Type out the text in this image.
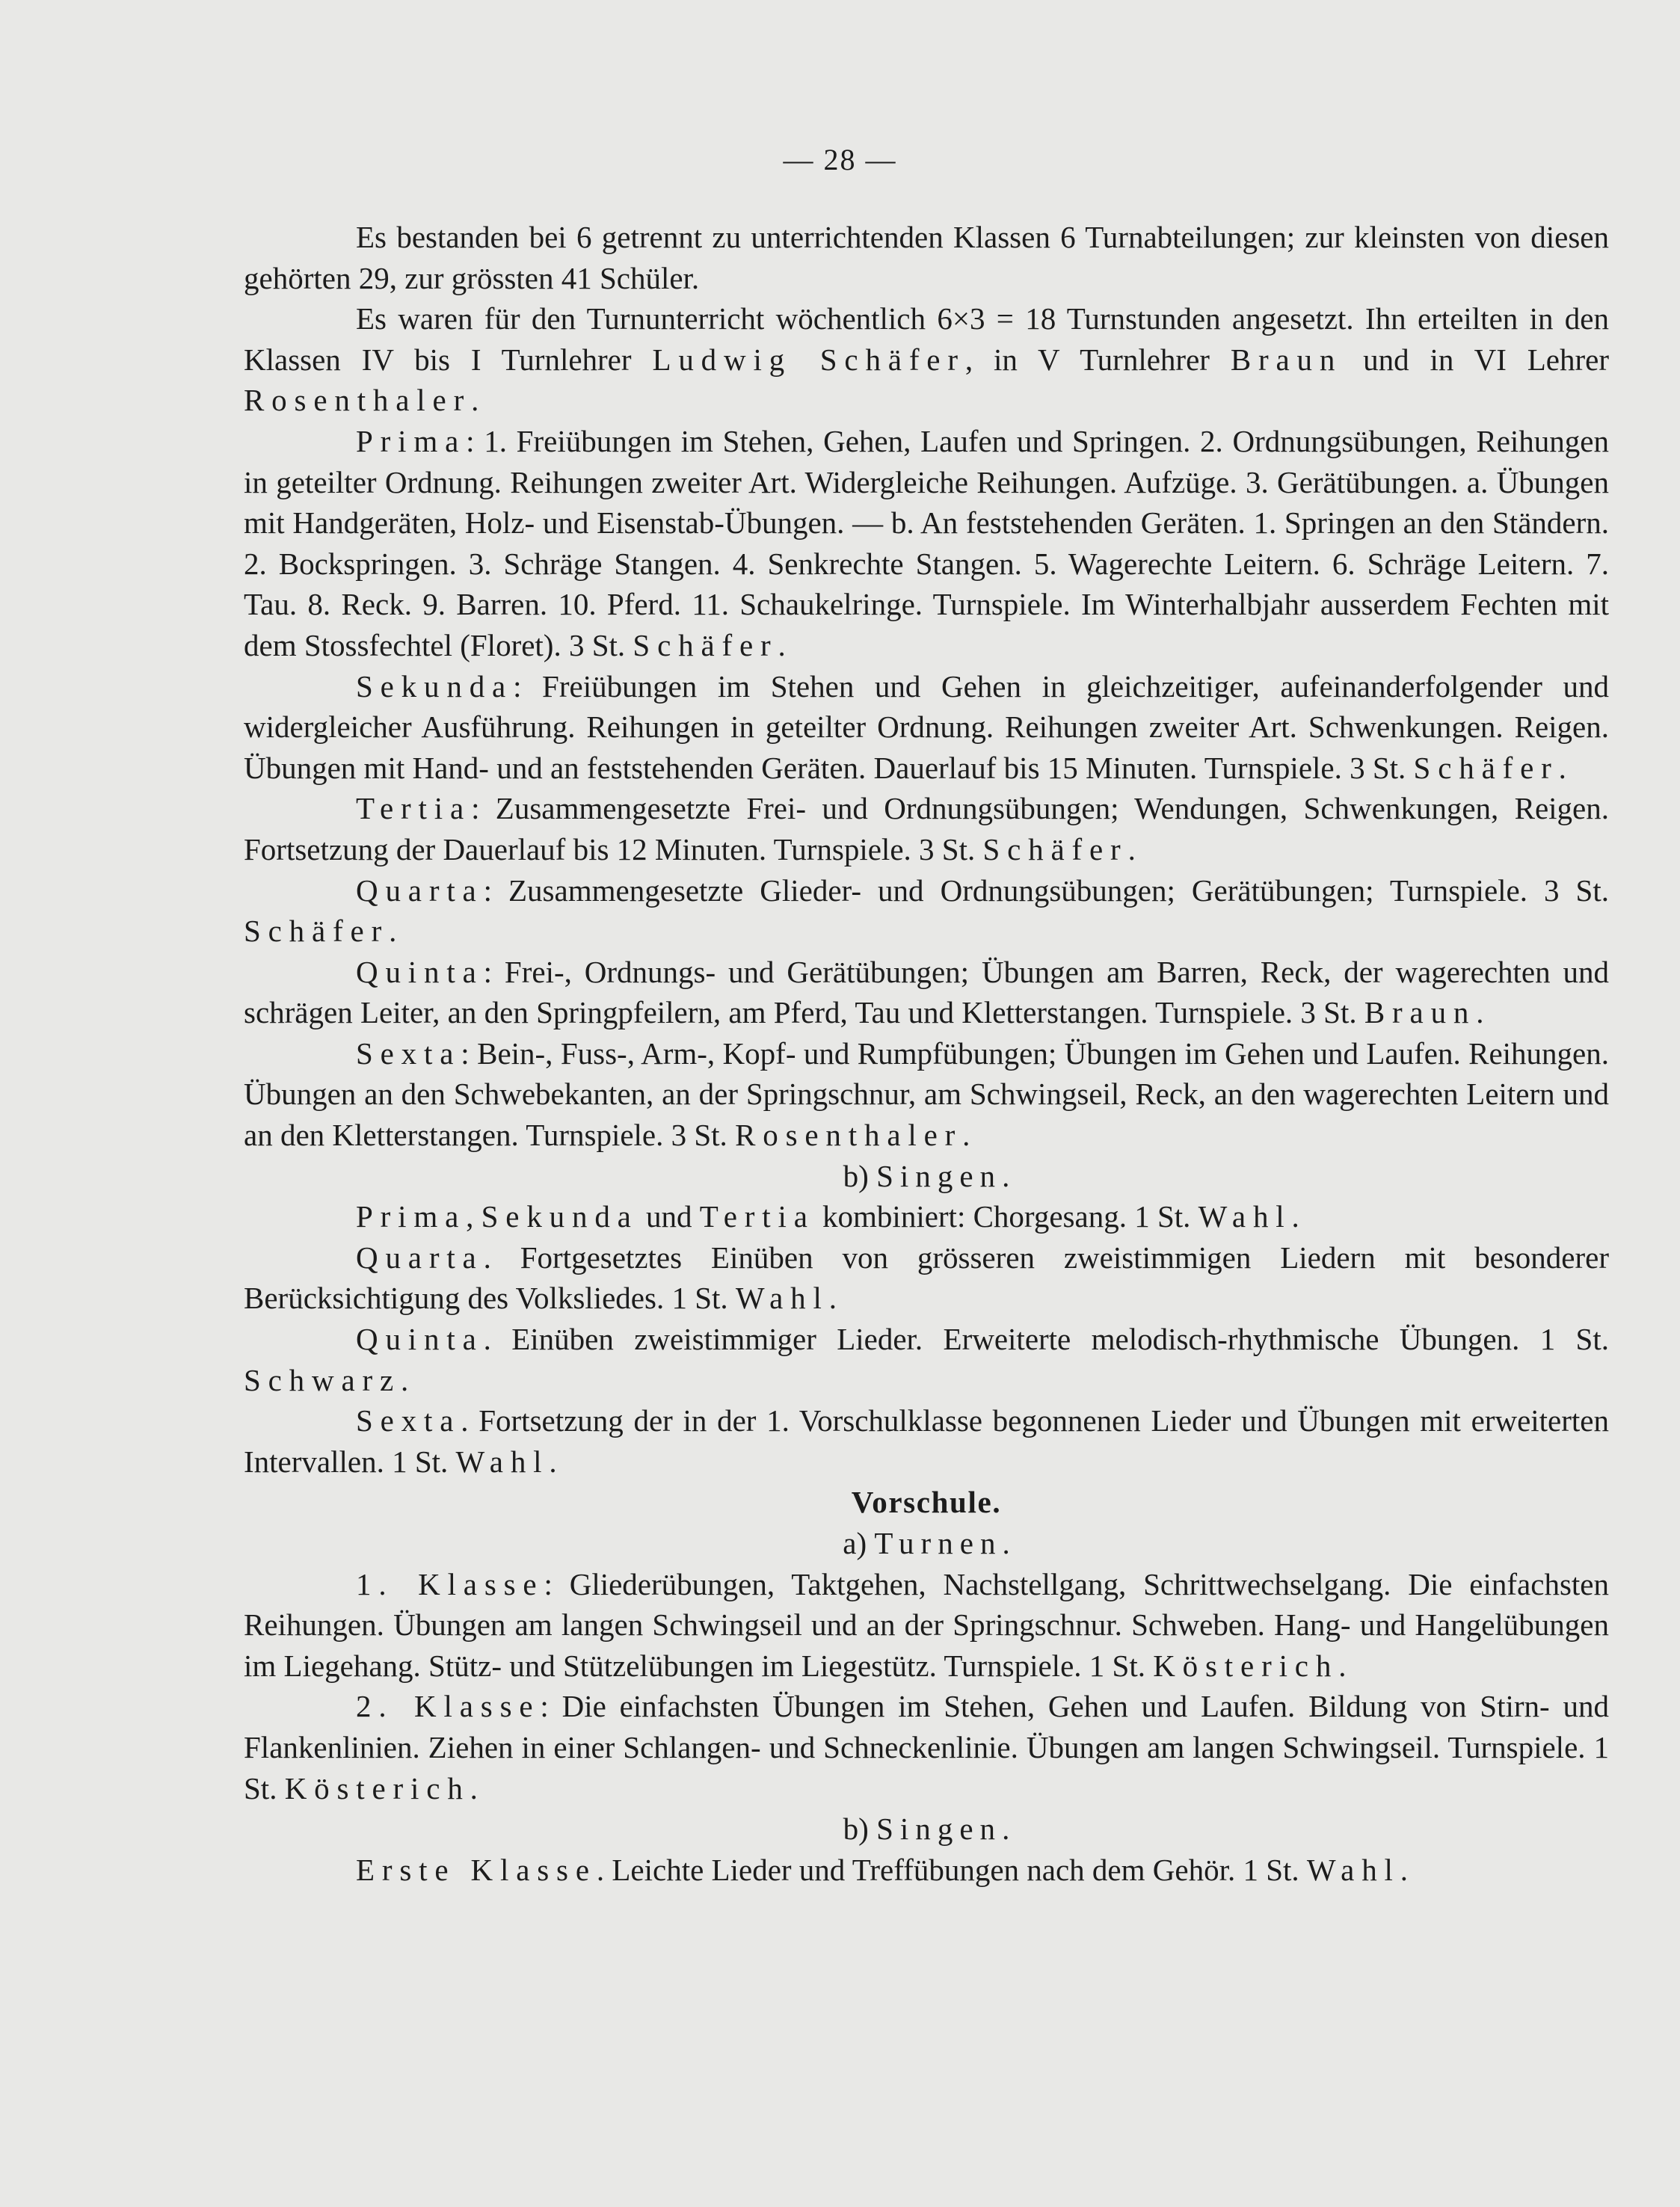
— 28 —

Es bestanden bei 6 getrennt zu unterrichtenden Klassen 6 Turnabteilungen; zur kleinsten von diesen gehörten 29, zur grössten 41 Schüler.

Es waren für den Turnunterricht wöchentlich 6×3 = 18 Turnstunden angesetzt. Ihn erteilten in den Klassen IV bis I Turnlehrer Ludwig Schäfer, in V Turnlehrer Braun und in VI Lehrer Rosenthaler.

Prima: 1. Freiübungen im Stehen, Gehen, Laufen und Springen. 2. Ordnungsübungen, Reihungen in geteilter Ordnung. Reihungen zweiter Art. Widergleiche Reihungen. Aufzüge. 3. Gerätübungen. a. Übungen mit Handgeräten, Holz- und Eisenstab-Übungen. — b. An feststehenden Geräten. 1. Springen an den Ständern. 2. Bockspringen. 3. Schräge Stangen. 4. Senkrechte Stangen. 5. Wagerechte Leitern. 6. Schräge Leitern. 7. Tau. 8. Reck. 9. Barren. 10. Pferd. 11. Schaukelringe. Turnspiele. Im Winterhalbjahr ausserdem Fechten mit dem Stossfechtel (Floret). 3 St. Schäfer.

Sekunda: Freiübungen im Stehen und Gehen in gleichzeitiger, aufeinanderfolgender und widergleicher Ausführung. Reihungen in geteilter Ordnung. Reihungen zweiter Art. Schwenkungen. Reigen. Übungen mit Hand- und an feststehenden Geräten. Dauerlauf bis 15 Minuten. Turnspiele. 3 St. Schäfer.

Tertia: Zusammengesetzte Frei- und Ordnungsübungen; Wendungen, Schwenkungen, Reigen. Fortsetzung der Dauerlauf bis 12 Minuten. Turnspiele. 3 St. Schäfer.

Quarta: Zusammengesetzte Glieder- und Ordnungsübungen; Gerätübungen; Turnspiele. 3 St. Schäfer.

Quinta: Frei-, Ordnungs- und Gerätübungen; Übungen am Barren, Reck, der wagerechten und schrägen Leiter, an den Springpfeilern, am Pferd, Tau und Kletterstangen. Turnspiele. 3 St. Braun.

Sexta: Bein-, Fuss-, Arm-, Kopf- und Rumpfübungen; Übungen im Gehen und Laufen. Reihungen. Übungen an den Schwebekanten, an der Springschnur, am Schwingseil, Reck, an den wagerechten Leitern und an den Kletterstangen. Turnspiele. 3 St. Rosenthaler.

b) Singen.

Prima, Sekunda und Tertia kombiniert: Chorgesang. 1 St. Wahl.

Quarta. Fortgesetztes Einüben von grösseren zweistimmigen Liedern mit besonderer Berücksichtigung des Volksliedes. 1 St. Wahl.

Quinta. Einüben zweistimmiger Lieder. Erweiterte melodisch-rhythmische Übungen. 1 St. Schwarz.

Sexta. Fortsetzung der in der 1. Vorschulklasse begonnenen Lieder und Übungen mit erweiterten Intervallen. 1 St. Wahl.

Vorschule.

a) Turnen.

1. Klasse: Gliederübungen, Taktgehen, Nachstellgang, Schrittwechselgang. Die einfachsten Reihungen. Übungen am langen Schwingseil und an der Springschnur. Schweben. Hang- und Hangelübungen im Liegehang. Stütz- und Stützelübungen im Liegestütz. Turnspiele. 1 St. Kösterich.

2. Klasse: Die einfachsten Übungen im Stehen, Gehen und Laufen. Bildung von Stirn- und Flankenlinien. Ziehen in einer Schlangen- und Schneckenlinie. Übungen am langen Schwingseil. Turnspiele. 1 St. Kösterich.

b) Singen.

Erste Klasse. Leichte Lieder und Treffübungen nach dem Gehör. 1 St. Wahl.
